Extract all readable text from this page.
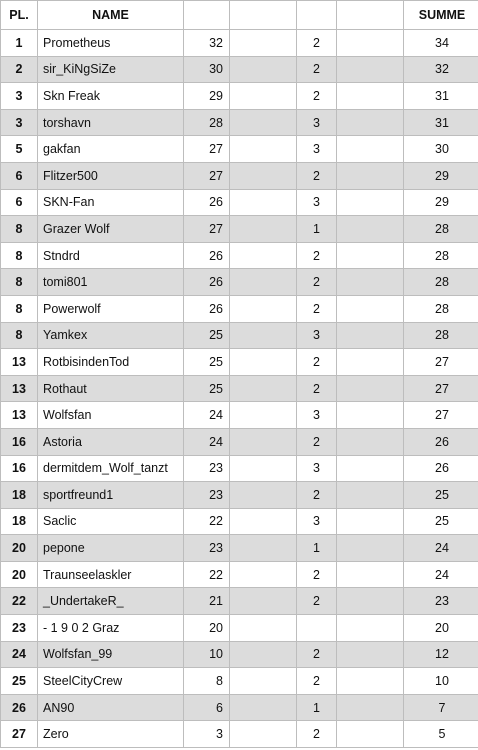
PL.	NAME					SUMME
1	Prometheus	32		2		34
2	sir_KiNgSiZe	30		2		32
3	Skn Freak	29		2		31
3	torshavn	28		3		31
5	gakfan	27		3		30
6	Flitzer500	27		2		29
6	SKN-Fan	26		3		29
8	Grazer Wolf	27		1		28
8	Stndrd	26		2		28
8	tomi801	26		2		28
8	Powerwolf	26		2		28
8	Yamkex	25		3		28
13	RotbisindenTod	25		2		27
13	Rothaut	25		2		27
13	Wolfsfan	24		3		27
16	Astoria	24		2		26
16	dermitdem_Wolf_tanzt	23		3		26
18	sportfreund1	23		2		25
18	Saclic	22		3		25
20	pepone	23		1		24
20	Traunseelaskler	22		2		24
22	_UndertakeR_	21		2		23
23	- 1 9 0 2 Graz	20				20
24	Wolfsfan_99	10		2		12
25	SteelCityCrew	8		2		10
26	AN90	6		1		7
27	Zero	3		2		5
